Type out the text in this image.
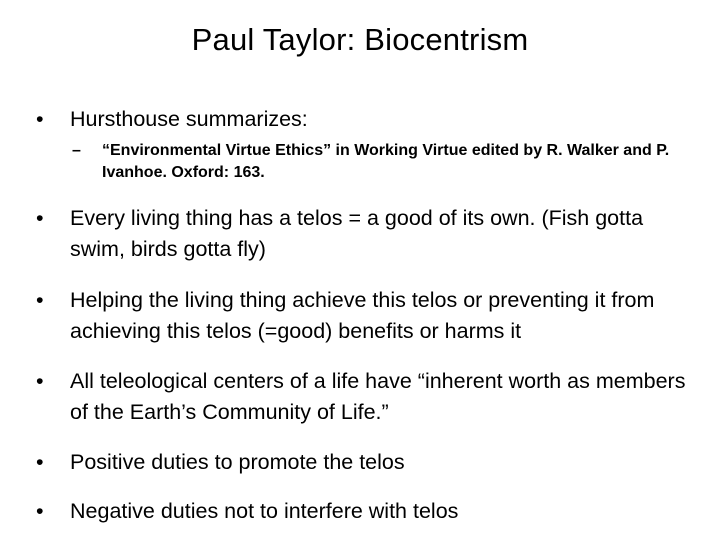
Paul Taylor: Biocentrism
•	Hursthouse summarizes:
–	“Environmental Virtue Ethics” in Working Virtue edited by R. Walker and P. Ivanhoe. Oxford: 163.
•	Every living thing has a telos = a good of its own. (Fish gotta swim, birds gotta fly)
•	Helping the living thing achieve this telos or preventing it from achieving this telos (=good) benefits or harms it
•	All teleological centers of a life have “inherent worth as members of the Earth’s Community of Life.”
•	Positive duties to promote the telos
•	Negative duties not to interfere with telos
